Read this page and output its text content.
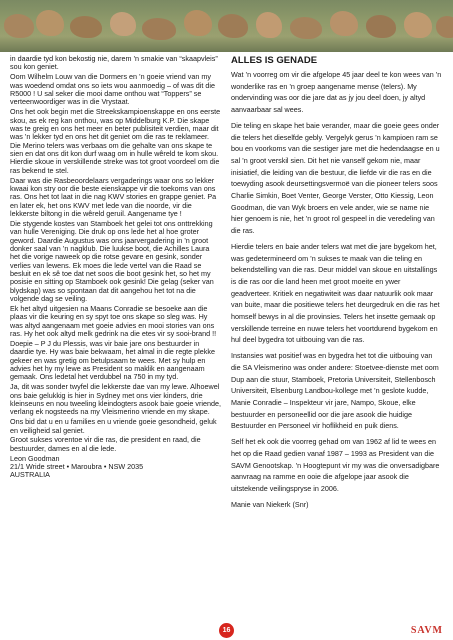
in daardie tyd kon bekostig nie, darem ’n smakie van “skaapvleis” sou kon geniet.

Oom Wilhelm Louw van die Dormers en ’n goeie vriend van my was woedend omdat ons so iets wou aanmoedig – of was dit die R5000 ! U sal seker die mooi dame onthou wat “Toppers” se verteenwoordiger was in die Vrystaat.

Ons het ook begin met die Streekskampioenskappe en ons eerste skou, as ek reg kan onthou, was op Middelburg K.P. Die skape was te greig en ons het meer en beter publisiteit verdien, maar dit was ’n lekker tyd en ons het dit geniet om die ras te reklameer. Die Merino telers was verbaas om die gehalte van ons skape te sien en dat ons dit kon durf waag om in hulle wêreld te kom skou. Hierdie skoue in verskillende streke was tot groot voordeel om die ras bekend te stel.

Daar was die Rasbeoordelaars vergaderings waar ons so lekker kwaai kon stry oor die beste eienskappe vir die toekoms van ons ras. Ons het tot laat in die nag KWV stories en grappe geniet. Pa en later ek, het ons KWV met lede van die noorde, vir die lekkerste biltong in die wêreld geruil. Aangename tye !

Die stygende kostes van Stamboek het gelei tot ons onttrekking van hulle Vereniging. Die druk op ons lede het al hoe groter geword. Daardie Augustus was ons jaarvergadering in ’n groot donker saal van ’n nagklub. Die luukse boot, die Achilles Laura het die vorige naweek op die rotse gevare en gesink, sonder verlies van lewens. Ek moes die lede vertel van die Raad se besluit en ek sê toe dat net soos die boot gesink het, so het my posisie en sitting op Stamboek ook gesink! Die gelag (seker van blydskap) was so spontaan dat dit aangehou het tot na die volgende dag se veiling.

Ek het altyd uitgesien na Maans Conradie se besoeke aan die plaas vir die keuring en sy spyt toe ons skape so sleg was. Hy was altyd aangenaam met goeie advies en mooi stories van ons ras. Hy het ook altyd melk gedrink na die etes vir sy sooi-brand !!

Doepie – P J du Plessis, was vir baie jare ons bestuurder in daardie tye. Hy was baie bekwaam, het almal in die regte plekke gekeer en was gretig om betulpsaam te wees. Met sy hulp en advies het hy my lewe as President so maklik en aangenaam gemaak. Ons ledetal het verdubbel na 750 in my tyd.

Ja, dit was sonder twyfel die lekkerste dae van my lewe. Alhoewel ons baie gelukkig is hier in Sydney met ons vier kinders, drie kleinseuns en nou tweeling kleindogters asook baie goeie vriende, verlang ek nogsteeds na my Vleismerino vriende en my skape.

Ons bid dat u en u families en u vriende goeie gesondheid, geluk en veiligheid sal geniet.

Groot sukses vorentoe vir die ras, die president en raad, die bestuurder, dames en al die lede.

Leon Goodman
21/1 Wride street • Maroubra • NSW 2035
AUSTRALIA
ALLES IS GENADE

Wat ’n voorreg om vir die afgelope 45 jaar deel te kon wees van ’n wonderlike ras en ’n groep aangename mense (telers). My ondervinding was oor die jare dat as jy jou deel doen, jy altyd aanvaarbaar sal wees.

Die teling en skape het baie verander, maar die goeie gees onder die telers het dieselfde gebly. Vergelyk gerus ’n kampioen ram se bou en voorkoms van die sestiger jare met die hedendaagse en u sal ’n groot verskil sien. Dit het nie vanself gekom nie, maar inisiatief, die leiding van die bestuur, die liefde vir die ras en die toewyding asook deursettingsvermoë van die pioneer telers soos Charlie Simkin, Boet Venter, George Verster, Otto Kiessig, Leon Goodman, die van Wyk broers en vele ander, wie se name nie hier genoem is nie, het ’n groot rol gespeel in die veredeling van die ras.

Hierdie telers en baie ander telers wat met die jare bygekom het, was gedetermineerd om ’n sukses te maak van die teling en bekendstelling van die ras. Deur middel van skoue en uitstallings is die ras oor die land heen met groot moeite en ywer geadverteer. Kritiek en negatiwiteit was daar natuurlik ook maar van buite, maar die positiewe telers het deurgedruk en die ras het homself bewys in al die provinsies. Telers het insette gemaak op verskillende terreine en nuwe telers het voortdurend bygekom en hul deel bygedra tot uitbouing van die ras.

Instansies wat positief was en bygedra het tot die uitbouing van die SA Vleismerino was onder andere: Stoetvee-dienste met oom Dup aan die stuur, Stamboek, Pretoria Universiteit, Stellenbosch Universiteit, Elsenburg Landbou-kollege met ’n geslote kudde, Manie Conradie – Inspekteur vir jare, Nampo, Skoue, elke bestuurder en personeellid oor die jare asook die huidige Bestuurder en Personeel vir hoflikheid en puik diens.

Self het ek ook die voorreg gehad om van 1962 af lid te wees en het op die Raad gedien vanaf 1987 – 1993 as President van die SAVM Genootskap. ’n Hoogtepunt vir my was die onversadigbare aanvraag na ramme en ooie die afgelope jaar asook die uitstekende veilingspryse in 2006.

Manie van Niekerk (Snr)

16	SAVM
